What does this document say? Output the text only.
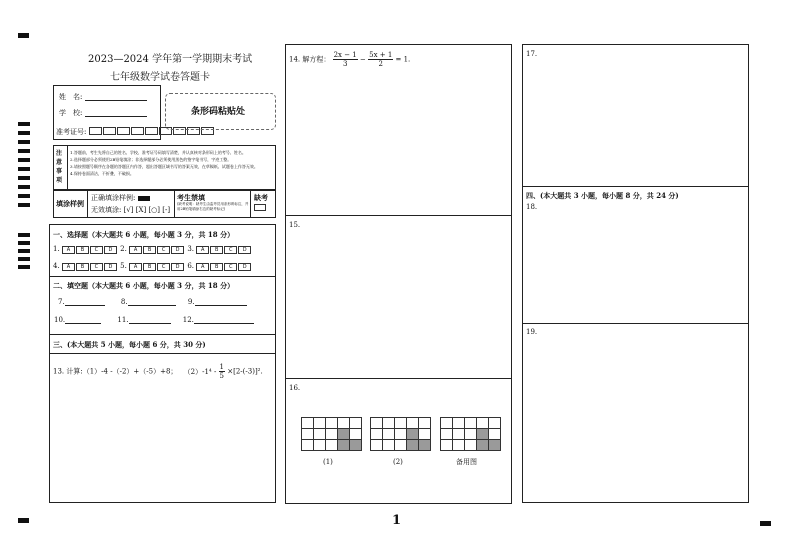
2023—2024 学年第一学期期末考试
七年级数学试卷答题卡
姓　名:
学　校:
准考证号:
条形码粘贴处
注意事项
1.答题前，考生先将自己的姓名、学校、准考证号码填写清楚，并认真核对条形码上的考号、姓名。
2.选择题部分必须使用2B铅笔填涂；非选择题部分必须使用黑色的签字笔书写，字迹工整。
3.请按照题号顺序在各题的答题区内作答，超出答题区域书写的答案无效，在草稿纸、试题卷上作答无效。
4.保持卷面清洁，不折叠，不破损。
填涂样例
正确填涂样例:
无效填涂: [√] [X] [○] [-]
考生禁填
(缺考说明：缺考生由监考员用条形码标注，并用2B铅笔填涂右边的缺考标记)
缺考
一、选择题（本大题共 6 小题，每小题 3 分，共 18 分）
1. A B C D 2. A B C D 3. A B C D
4. A B C D 5. A B C D 6. A B C D
二、填空题（本大题共 6 小题，每小题 3 分，共 18 分）
7.	8.	9.
10.	11.	12.
三、(本大题共 5 小题，每小题 6 分，共 30 分)
13. 计算:（1）-4 -（-2）+（-5）+8； $(2)-1^4 - \frac{1}{5} \times[2-(-3)]^2$.
14. 解方程： $\frac{2x - 1}{3} - \frac{5x + 1}{2} = 1$.
15.
16.

(1)	(2)	备用图
17.
四、(本大题共 3 小题，每小题 8 分，共 24 分)
18.
19.
1
